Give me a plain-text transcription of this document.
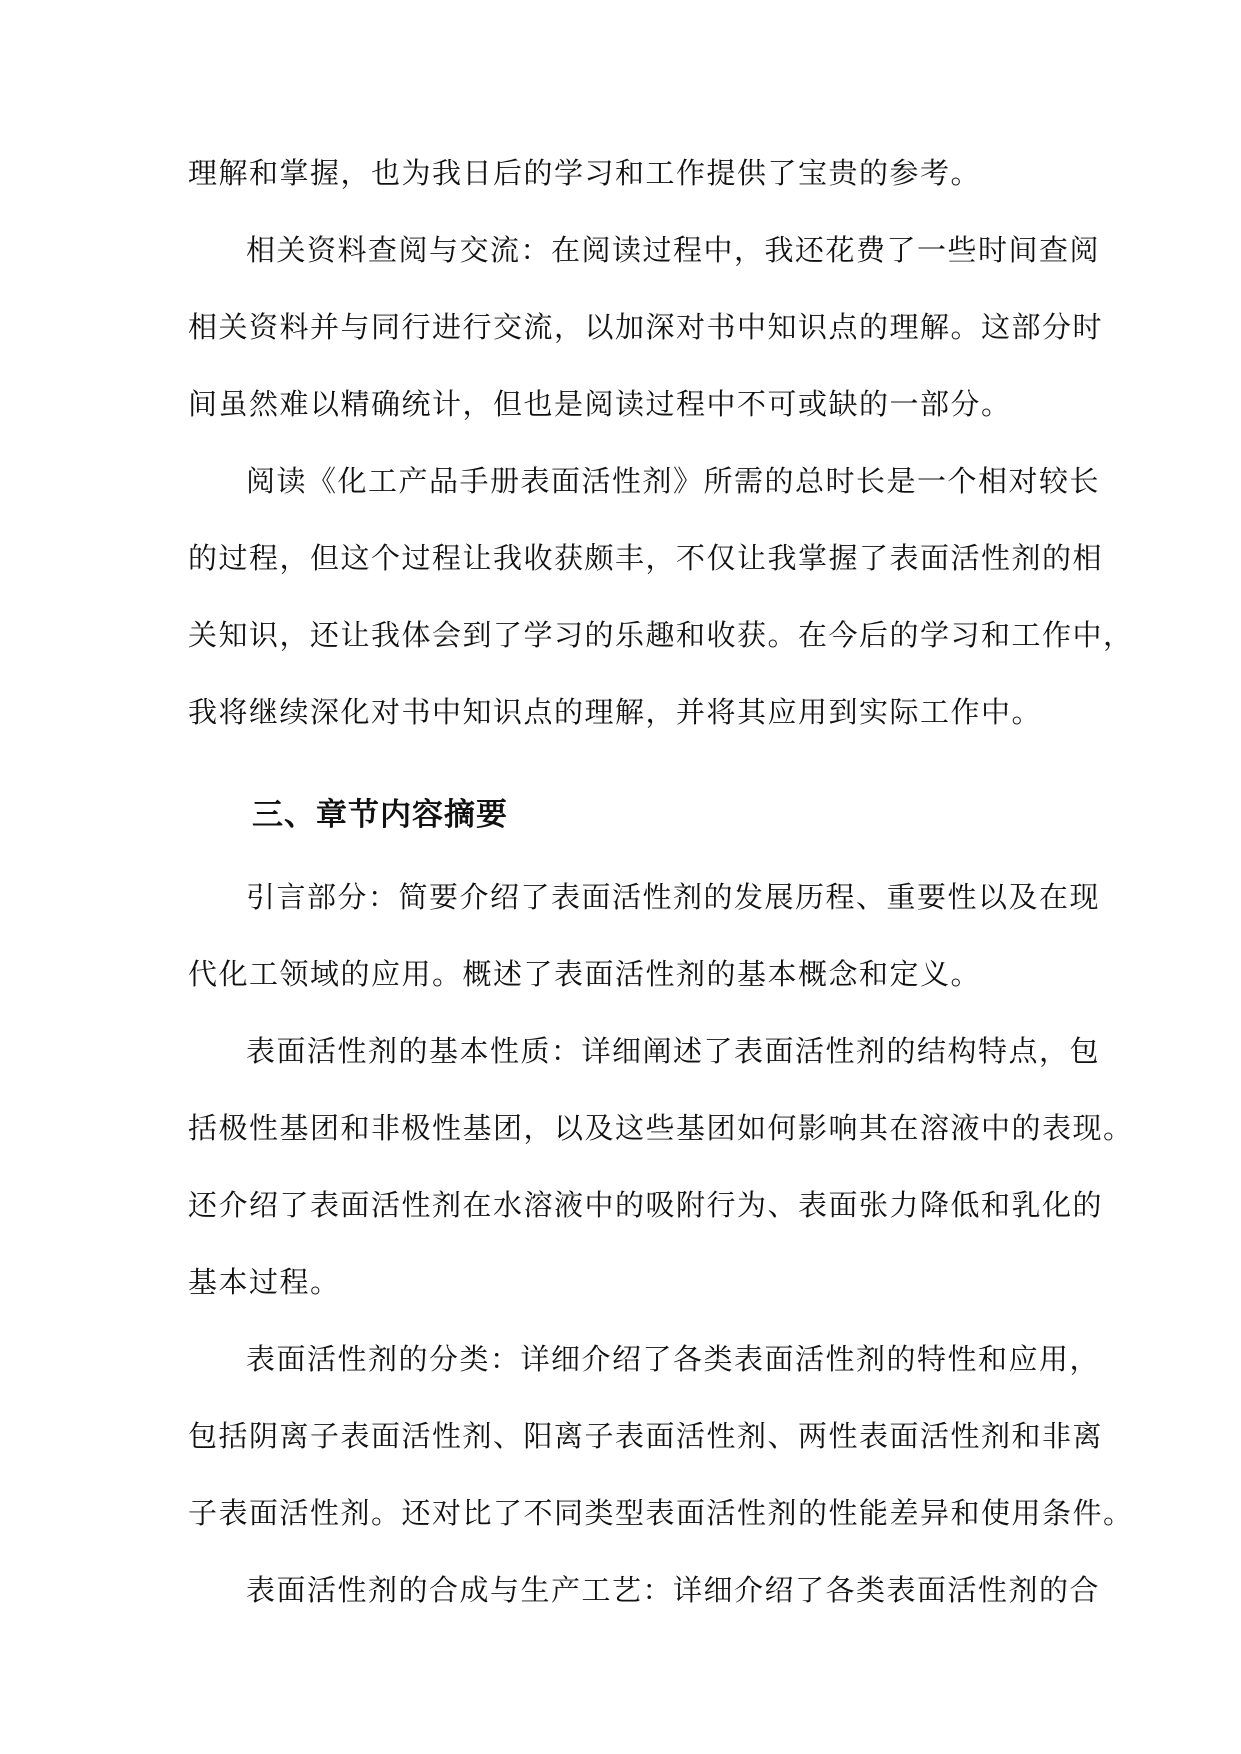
理解和掌握，也为我日后的学习和工作提供了宝贵的参考。
相关资料查阅与交流：在阅读过程中，我还花费了一些时间查阅
相关资料并与同行进行交流，以加深对书中知识点的理解。这部分时
间虽然难以精确统计，但也是阅读过程中不可或缺的一部分。
阅读《化工产品手册表面活性剂》所需的总时长是一个相对较长
的过程，但这个过程让我收获颇丰，不仅让我掌握了表面活性剂的相
关知识，还让我体会到了学习的乐趣和收获。在今后的学习和工作中，
我将继续深化对书中知识点的理解，并将其应用到实际工作中。
三、章节内容摘要
引言部分：简要介绍了表面活性剂的发展历程、重要性以及在现
代化工领域的应用。概述了表面活性剂的基本概念和定义。
表面活性剂的基本性质：详细阐述了表面活性剂的结构特点，包
括极性基团和非极性基团，以及这些基团如何影响其在溶液中的表现。
还介绍了表面活性剂在水溶液中的吸附行为、表面张力降低和乳化的
基本过程。
表面活性剂的分类：详细介绍了各类表面活性剂的特性和应用，
包括阴离子表面活性剂、阳离子表面活性剂、两性表面活性剂和非离
子表面活性剂。还对比了不同类型表面活性剂的性能差异和使用条件。
表面活性剂的合成与生产工艺：详细介绍了各类表面活性剂的合
